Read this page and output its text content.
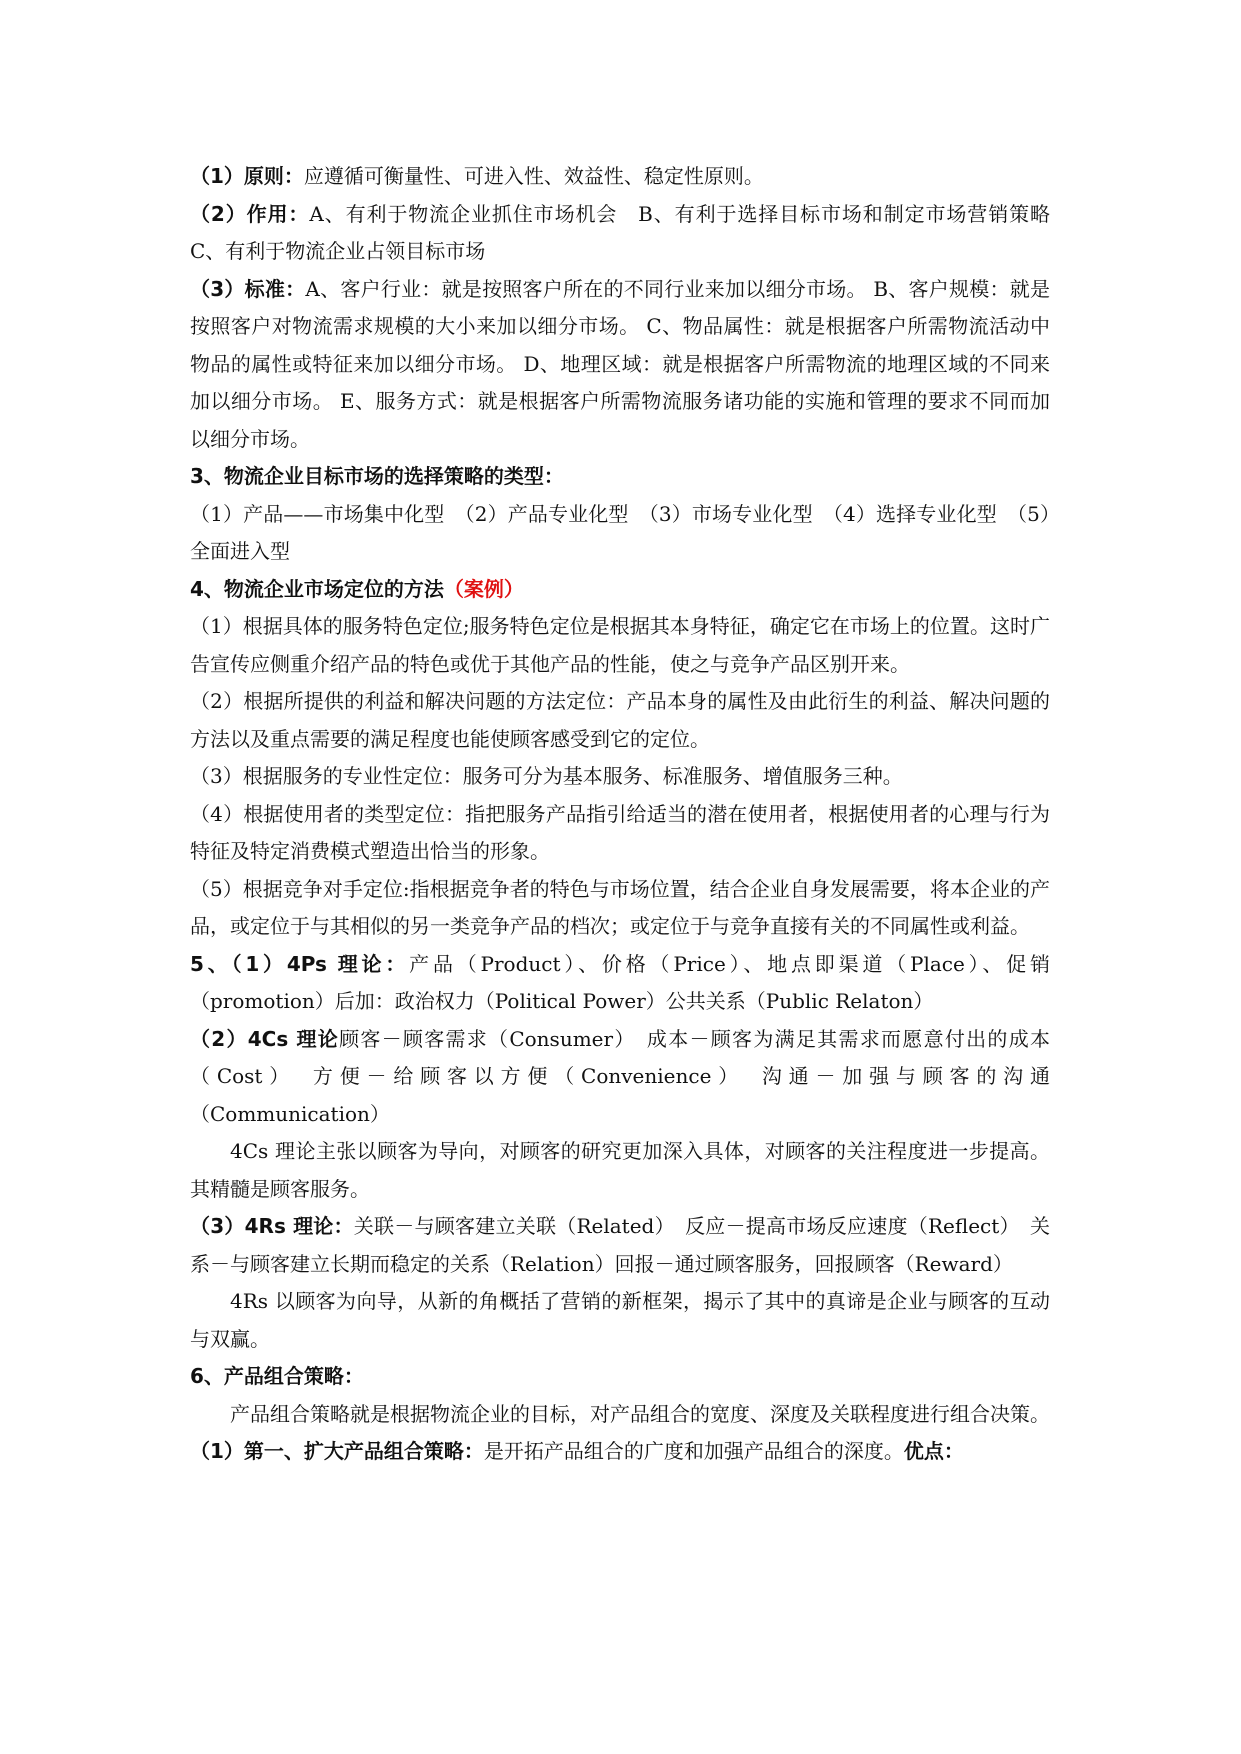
（1）原则：应遵循可衡量性、可进入性、效益性、稳定性原则。

（2）作用：A、有利于物流企业抓住市场机会　B、有利于选择目标市场和制定市场营销策略　C、有利于物流企业占领目标市场

（3）标准：A、客户行业：就是按照客户所在的不同行业来加以细分市场。 B、客户规模：就是按照客户对物流需求规模的大小来加以细分市场。 C、物品属性：就是根据客户所需物流活动中物品的属性或特征来加以细分市场。 D、地理区域：就是根据客户所需物流的地理区域的不同来加以细分市场。 E、服务方式：就是根据客户所需物流服务诸功能的实施和管理的要求不同而加以细分市场。

3、物流企业目标市场的选择策略的类型：

（1）产品——市场集中化型　（2）产品专业化型　（3）市场专业化型　（4）选择专业化型　（5）全面进入型

4、物流企业市场定位的方法（案例）

（1）根据具体的服务特色定位;服务特色定位是根据其本身特征，确定它在市场上的位置。这时广告宣传应侧重介绍产品的特色或优于其他产品的性能，使之与竞争产品区别开来。

（2）根据所提供的利益和解决问题的方法定位：产品本身的属性及由此衍生的利益、解决问题的方法以及重点需要的满足程度也能使顾客感受到它的定位。

（3）根据服务的专业性定位：服务可分为基本服务、标准服务、增值服务三种。

（4）根据使用者的类型定位：指把服务产品指引给适当的潜在使用者，根据使用者的心理与行为特征及特定消费模式塑造出恰当的形象。

（5）根据竞争对手定位:指根据竞争者的特色与市场位置，结合企业自身发展需要，将本企业的产品，或定位于与其相似的另一类竞争产品的档次；或定位于与竞争直接有关的不同属性或利益。

5、（1）4Ps 理论：产品（Product）、价格（Price）、地点即渠道（Place）、促销（promotion）后加：政治权力（Political Power）公共关系（Public Relaton）

（2）4Cs 理论顾客－顾客需求（Consumer）　成本－顾客为满足其需求而愿意付出的成本（Cost）　方便－给顾客以方便（Convenience）　沟通－加强与顾客的沟通（Communication）

4Cs 理论主张以顾客为导向，对顾客的研究更加深入具体，对顾客的关注程度进一步提高。其精髓是顾客服务。

（3）4Rs 理论：关联－与顾客建立关联（Related）　反应－提高市场反应速度（Reflect）　关系－与顾客建立长期而稳定的关系（Relation）回报－通过顾客服务，回报顾客（Reward）

4Rs 以顾客为向导，从新的角概括了营销的新框架，揭示了其中的真谛是企业与顾客的互动与双赢。

6、产品组合策略：

产品组合策略就是根据物流企业的目标，对产品组合的宽度、深度及关联程度进行组合决策。

（1）第一、扩大产品组合策略：是开拓产品组合的广度和加强产品组合的深度。优点：
